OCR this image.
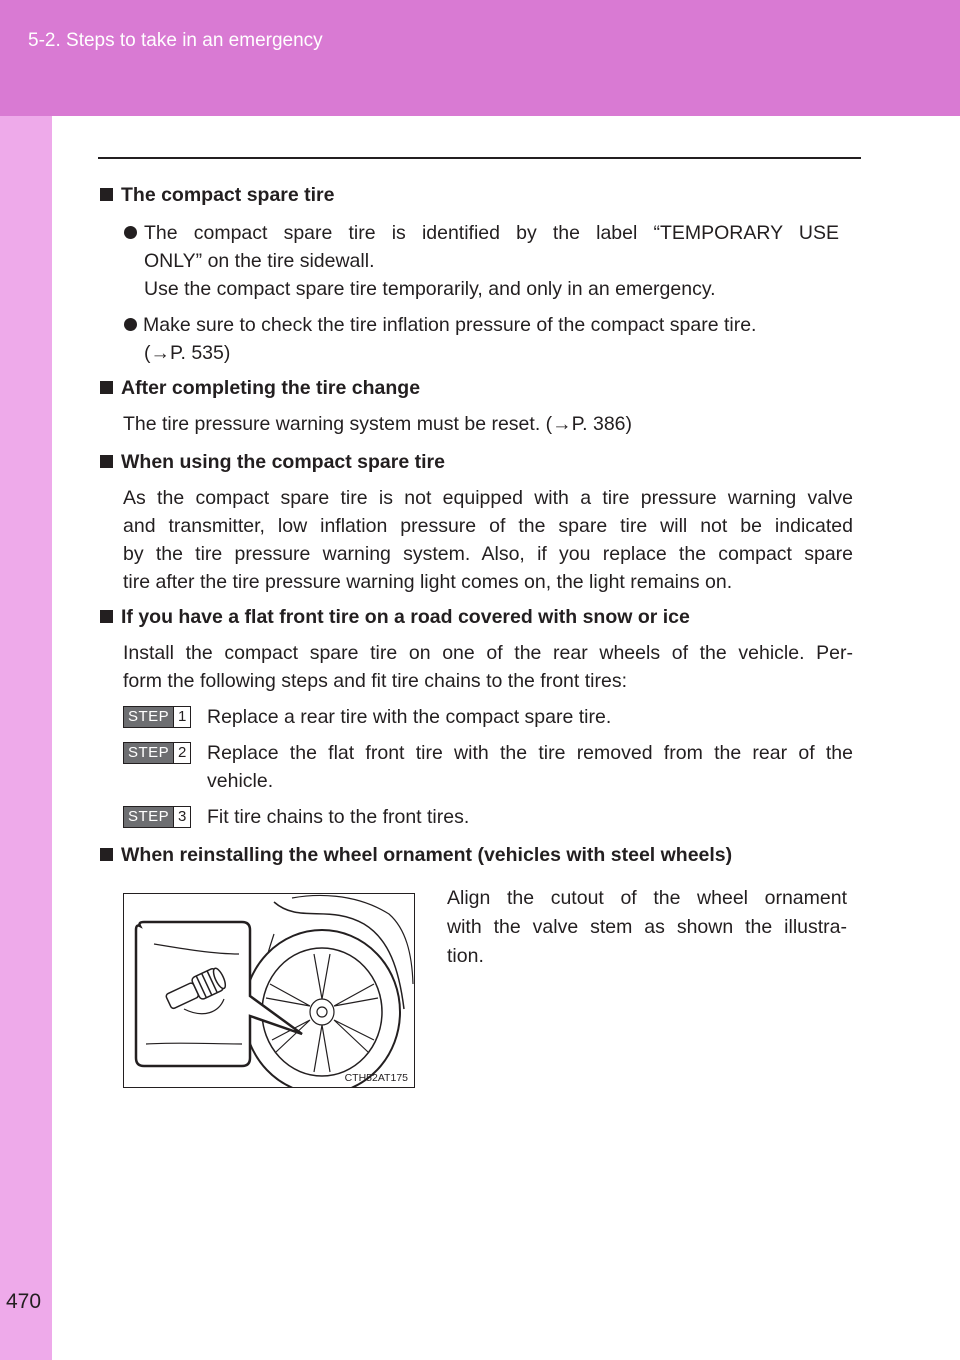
5-2. Steps to take in an emergency
470
The compact spare tire
The compact spare tire is identified by the label “TEMPORARY USE
ONLY” on the tire sidewall.
Use the compact spare tire temporarily, and only in an emergency.
Make sure to check the tire inflation pressure of the compact spare tire.
(→P. 535)
After completing the tire change
The tire pressure warning system must be reset. (→P. 386)
When using the compact spare tire
As the compact spare tire is not equipped with a tire pressure warning valve
and transmitter, low inflation pressure of the spare tire will not be indicated
by the tire pressure warning system. Also, if you replace the compact spare
tire after the tire pressure warning light comes on, the light remains on.
If you have a flat front tire on a road covered with snow or ice
Install the compact spare tire on one of the rear wheels of the vehicle. Per-
form the following steps and fit tire chains to the front tires:
STEP 1 Replace a rear tire with the compact spare tire.
STEP 2 Replace the flat front tire with the tire removed from the rear of the
vehicle.
STEP 3 Fit tire chains to the front tires.
When reinstalling the wheel ornament (vehicles with steel wheels)
CTH52AT175
Align the cutout of the wheel ornament
with the valve stem as shown the illustra-
tion.
